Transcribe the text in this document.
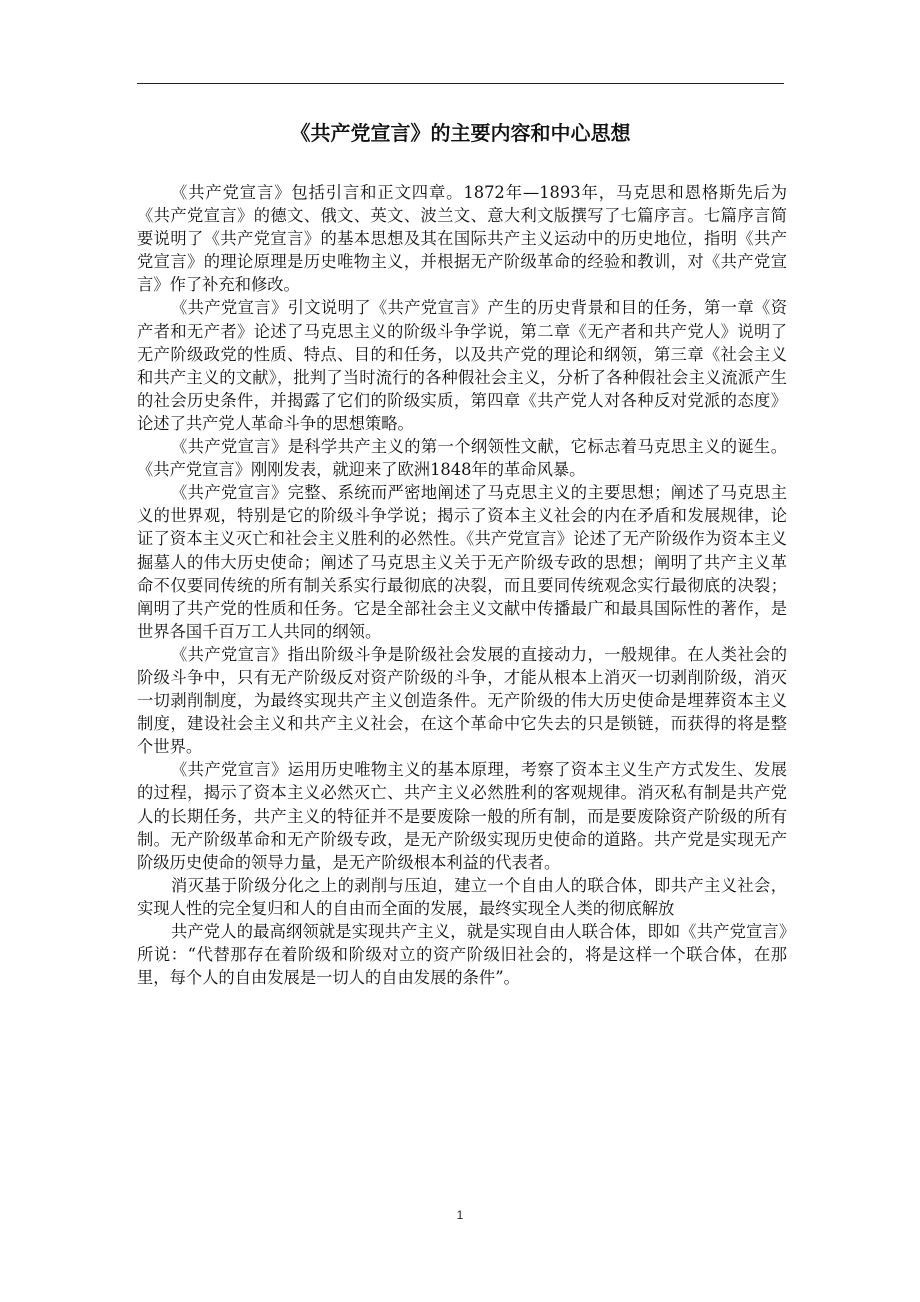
《共产党宣言》的主要内容和中心思想

《共产党宣言》包括引言和正文四章。1872年—1893年，马克思和恩格斯先后为《共产党宣言》的德文、俄文、英文、波兰文、意大利文版撰写了七篇序言。七篇序言简要说明了《共产党宣言》的基本思想及其在国际共产主义运动中的历史地位，指明《共产党宣言》的理论原理是历史唯物主义，并根据无产阶级革命的经验和教训，对《共产党宣言》作了补充和修改。

《共产党宣言》引文说明了《共产党宣言》产生的历史背景和目的任务，第一章《资产者和无产者》论述了马克思主义的阶级斗争学说，第二章《无产者和共产党人》说明了无产阶级政党的性质、特点、目的和任务，以及共产党的理论和纲领，第三章《社会主义和共产主义的文献》，批判了当时流行的各种假社会主义，分析了各种假社会主义流派产生的社会历史条件，并揭露了它们的阶级实质，第四章《共产党人对各种反对党派的态度》论述了共产党人革命斗争的思想策略。

《共产党宣言》是科学共产主义的第一个纲领性文献，它标志着马克思主义的诞生。《共产党宣言》刚刚发表，就迎来了欧洲1848年的革命风暴。

《共产党宣言》完整、系统而严密地阐述了马克思主义的主要思想；阐述了马克思主义的世界观，特别是它的阶级斗争学说；揭示了资本主义社会的内在矛盾和发展规律，论证了资本主义灭亡和社会主义胜利的必然性。《共产党宣言》论述了无产阶级作为资本主义掘墓人的伟大历史使命；阐述了马克思主义关于无产阶级专政的思想；阐明了共产主义革命不仅要同传统的所有制关系实行最彻底的决裂，而且要同传统观念实行最彻底的决裂；阐明了共产党的性质和任务。它是全部社会主义文献中传播最广和最具国际性的著作，是世界各国千百万工人共同的纲领。

《共产党宣言》指出阶级斗争是阶级社会发展的直接动力，一般规律。在人类社会的阶级斗争中，只有无产阶级反对资产阶级的斗争，才能从根本上消灭一切剥削阶级，消灭一切剥削制度，为最终实现共产主义创造条件。无产阶级的伟大历史使命是埋葬资本主义制度，建设社会主义和共产主义社会，在这个革命中它失去的只是锁链，而获得的将是整个世界。

《共产党宣言》运用历史唯物主义的基本原理，考察了资本主义生产方式发生、发展的过程，揭示了资本主义必然灭亡、共产主义必然胜利的客观规律。消灭私有制是共产党人的长期任务，共产主义的特征并不是要废除一般的所有制，而是要废除资产阶级的所有制。无产阶级革命和无产阶级专政，是无产阶级实现历史使命的道路。共产党是实现无产阶级历史使命的领导力量，是无产阶级根本利益的代表者。

消灭基于阶级分化之上的剥削与压迫，建立一个自由人的联合体，即共产主义社会，实现人性的完全复归和人的自由而全面的发展，最终实现全人类的彻底解放

共产党人的最高纲领就是实现共产主义，就是实现自由人联合体，即如《共产党宣言》所说：“代替那存在着阶级和阶级对立的资产阶级旧社会的，将是这样一个联合体，在那里，每个人的自由发展是一切人的自由发展的条件”。

1
